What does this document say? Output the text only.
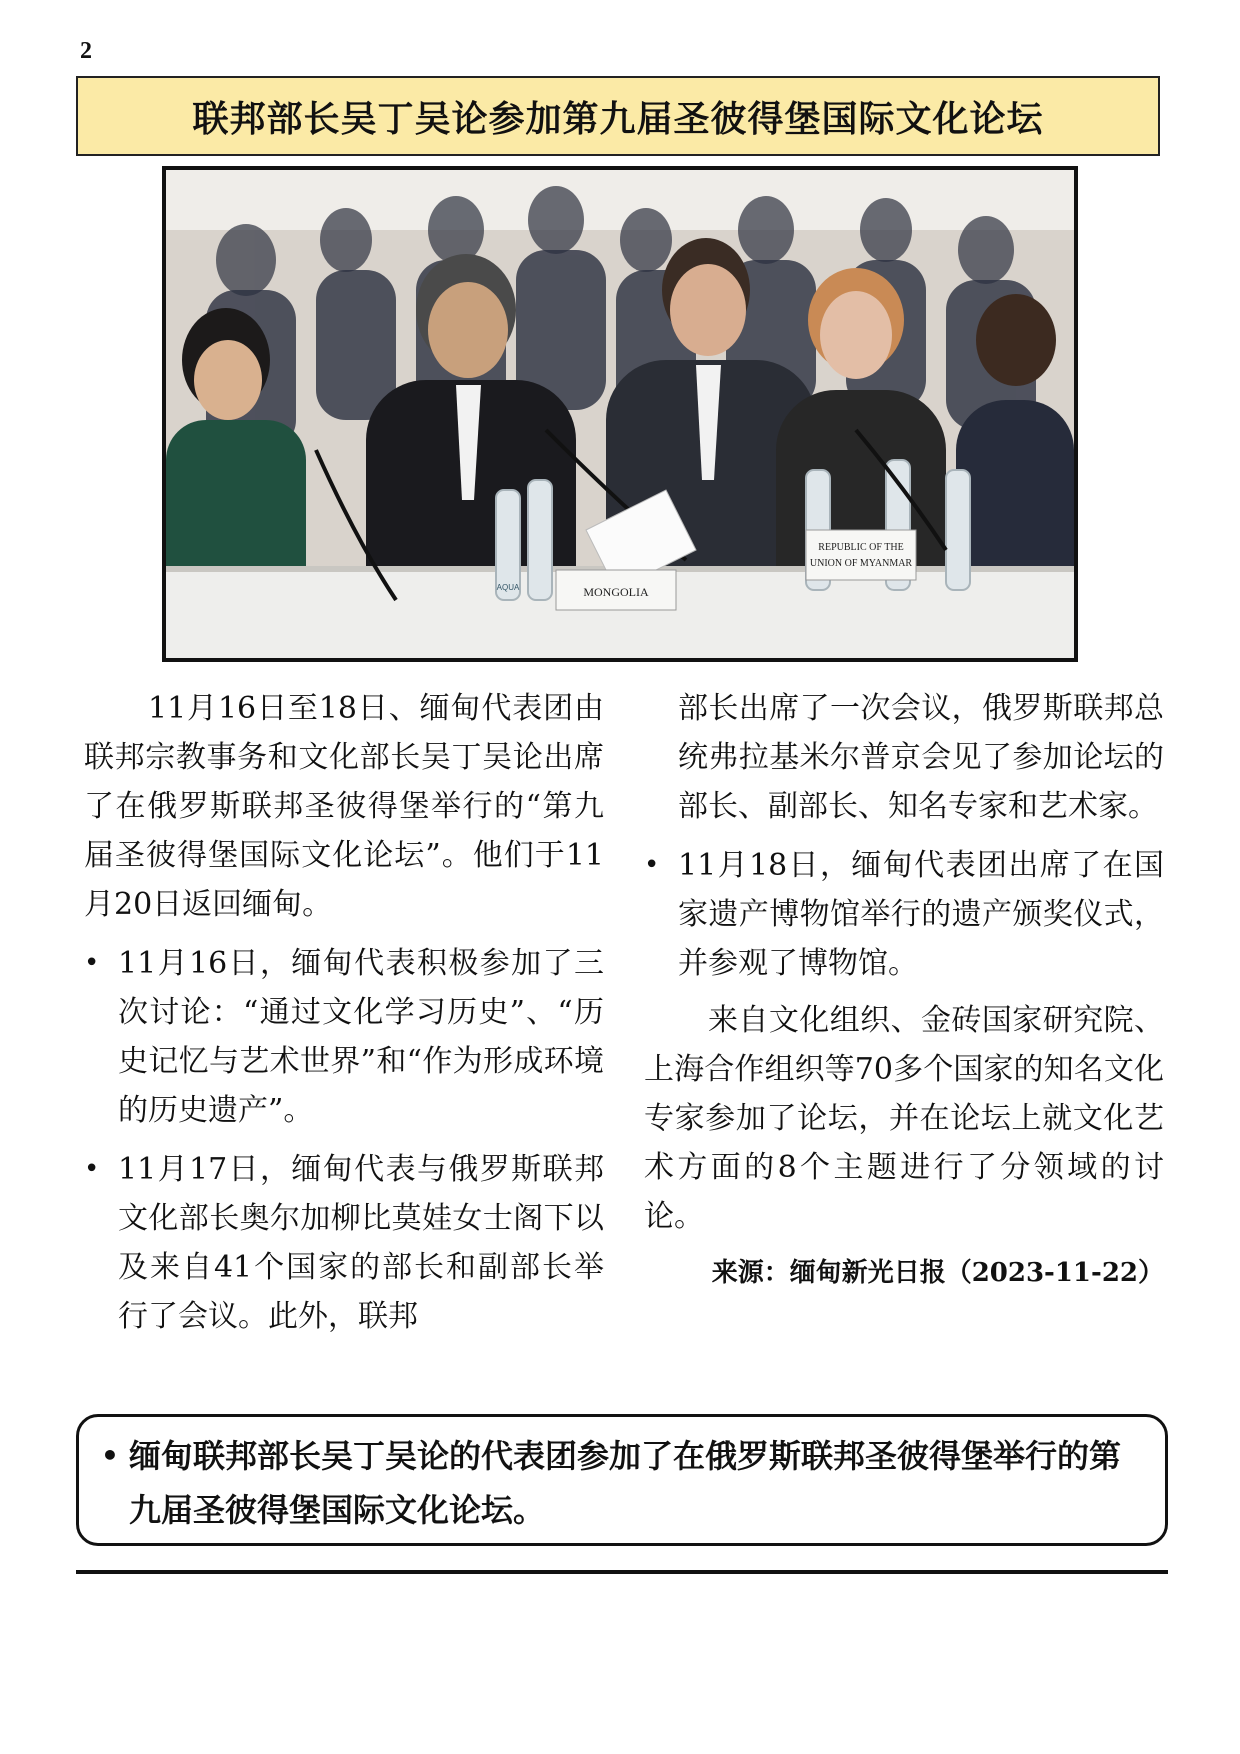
2
联邦部长吴丁吴论参加第九届圣彼得堡国际文化论坛
MONGOLIA
REPUBLIC OF THE
UNION OF MYANMAR
AQUA

11月16日至18日、缅甸代表团由联邦宗教事务和文化部长吴丁吴论出席了在俄罗斯联邦圣彼得堡举行的“第九届圣彼得堡国际文化论坛”。他们于11月20日返回缅甸。

• 11月16日，缅甸代表积极参加了三次讨论：“通过文化学习历史”、“历史记忆与艺术世界”和“作为形成环境的历史遗产”。
• 11月17日，缅甸代表与俄罗斯联邦文化部长奥尔加柳比莫娃女士阁下以及来自41个国家的部长和副部长举行了会议。此外，联邦

部长出席了一次会议，俄罗斯联邦总统弗拉基米尔普京会见了参加论坛的部长、副部长、知名专家和艺术家。

• 11月18日，缅甸代表团出席了在国家遗产博物馆举行的遗产颁奖仪式，并参观了博物馆。

来自文化组织、金砖国家研究院、上海合作组织等70多个国家的知名文化专家参加了论坛，并在论坛上就文化艺术方面的8个主题进行了分领域的讨论。

来源：缅甸新光日报（2023-11-22）
• 缅甸联邦部长吴丁吴论的代表团参加了在俄罗斯联邦圣彼得堡举行的第九届圣彼得堡国际文化论坛。
